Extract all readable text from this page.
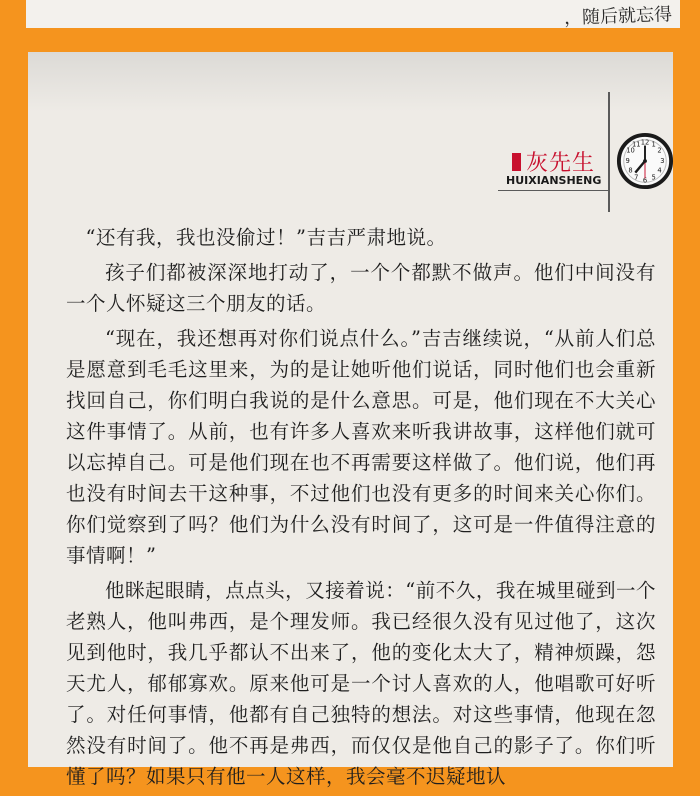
，随后就忘得
灰先生
HUIXIANSHENG
12 1
2
3
4
5
6
7
8
9
10
11

“还有我，我也没偷过！”吉吉严肃地说。

孩子们都被深深地打动了，一个个都默不做声。他们中间没有一个人怀疑这三个朋友的话。

“现在，我还想再对你们说点什么。”吉吉继续说，“从前人们总是愿意到毛毛这里来，为的是让她听他们说话，同时他们也会重新找回自己，你们明白我说的是什么意思。可是，他们现在不大关心这件事情了。从前，也有许多人喜欢来听我讲故事，这样他们就可以忘掉自己。可是他们现在也不再需要这样做了。他们说，他们再也没有时间去干这种事，不过他们也没有更多的时间来关心你们。你们觉察到了吗？他们为什么没有时间了，这可是一件值得注意的事情啊！”

他眯起眼睛，点点头，又接着说：“前不久，我在城里碰到一个老熟人，他叫弗西，是个理发师。我已经很久没有见过他了，这次见到他时，我几乎都认不出来了，他的变化太大了，精神烦躁，怨天尤人，郁郁寡欢。原来他可是一个讨人喜欢的人，他唱歌可好听了。对任何事情，他都有自己独特的想法。对这些事情，他现在忽然没有时间了。他不再是弗西，而仅仅是他自己的影子了。你们听懂了吗？如果只有他一人这样，我会毫不迟疑地认
